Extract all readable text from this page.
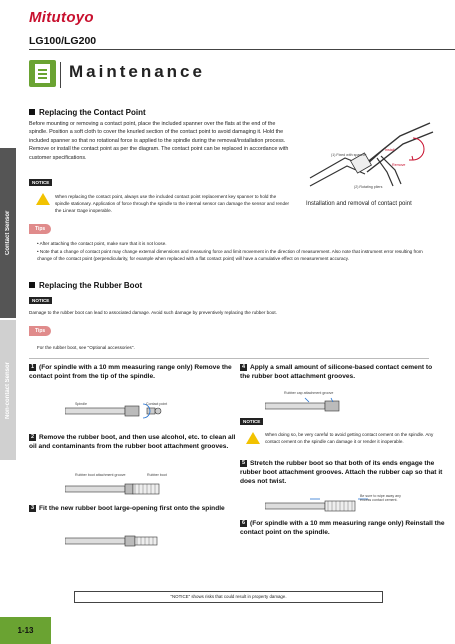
Mitutoyo
LG100/LG200
Maintenance
Contact Sensor
Non-contact Sensor
Replacing the Contact Point
Before mounting or removing a contact point, place the included spanner over the flats at the end of the spindle. Position a soft cloth to cover the knurled section of the contact point to avoid damaging it. Hold the included spanner so that no rotational force is applied to the spindle during the removal/installation process. Remove or install the contact point as per the diagram. The contact point can be replaced in accordance with customer specifications.
NOTICE
When replacing the contact point, always use the included contact point replacement key spanner to hold the spindle stationary. Application of force through the spindle to the internal sensor can damage the sensor and render the Linear Gage inoperable.
(1) Fixed with spanner
Install
Remove
(2) Rotating pliers
Installation and removal of contact point
Tips
• After attaching the contact point, make sure that it is not loose.
• Note that a change of contact point may change external dimensions and measuring force and limit movement in the direction of measurement. Also note that instrument error resulting from change of the contact point (perpendicularity, for example when replaced with a flat contact point) will have a cumulative effect on measurement accuracy.
Replacing the Rubber Boot
NOTICE
Damage to the rubber boot can lead to associated damage. Avoid such damage by preventively replacing the rubber boot.
Tips
For the rubber boot, see "Optional accessories".
1 (For spindle with a 10 mm measuring range only) Remove the contact point from the tip of the spindle.
Spindle	Contact point
2 Remove the rubber boot, and then use alcohol, etc. to clean all oil and contaminants from the rubber boot attachment grooves.
Rubber boot attachment groove	Rubber boot
3 Fit the new rubber boot large-opening first onto the spindle
4 Apply a small amount of silicone-based contact cement to the rubber boot attachment grooves.
Rubber cap attachment groove
NOTICE
When doing so, be very careful to avoid getting contact cement on the spindle. Any contact cement on the spindle can damage it or render it inoperable.
5 Stretch the rubber boot so that both of its ends engage the rubber boot attachment grooves. Attach the rubber cap so that it does not twist.
Be sure to wipe away any excess contact cement.
6 (For spindle with a 10 mm measuring range only) Reinstall the contact point on the spindle.
"NOTICE" shows risks that could result in property damage.
1-13
